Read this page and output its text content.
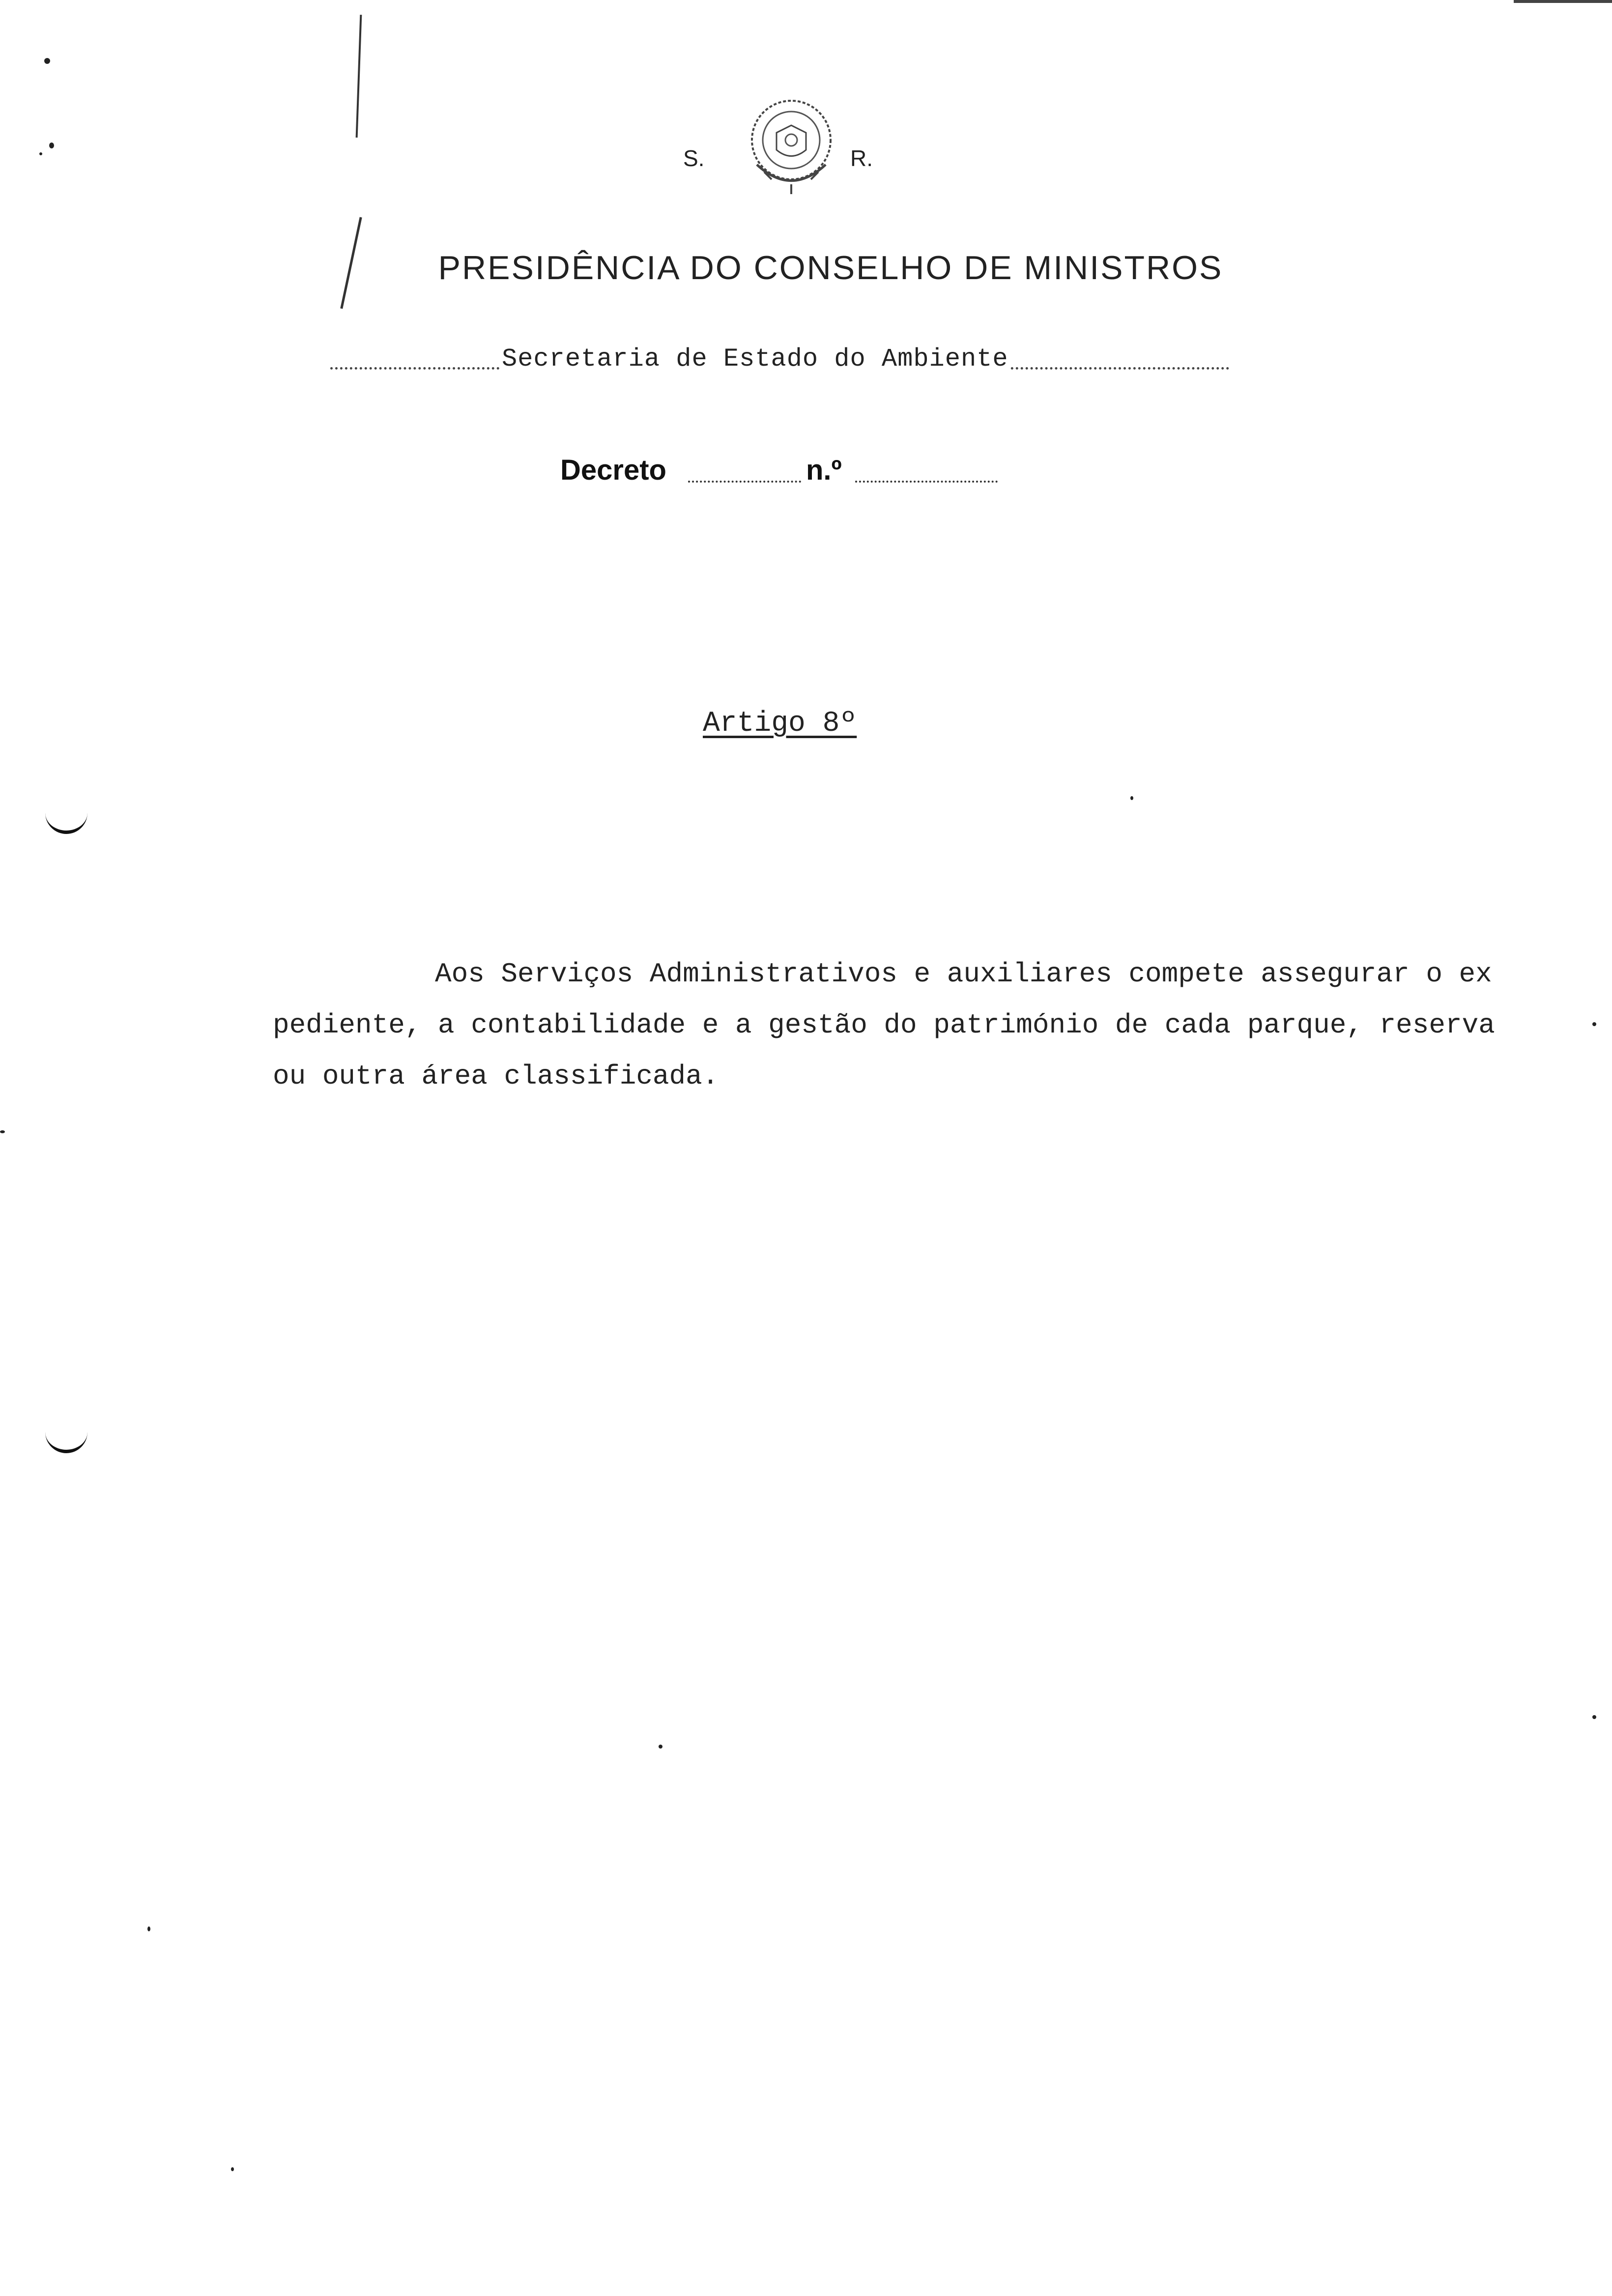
S.	R.
PRESIDÊNCIA DO CONSELHO DE MINISTROS
Secretaria de Estado do Ambiente
Decreto	n.º
Artigo 8º
Aos Serviços Administrativos e auxiliares compete assegurar o ex
pediente, a contabilidade e a gestão do património de cada parque, reserva
ou outra área classificada.
